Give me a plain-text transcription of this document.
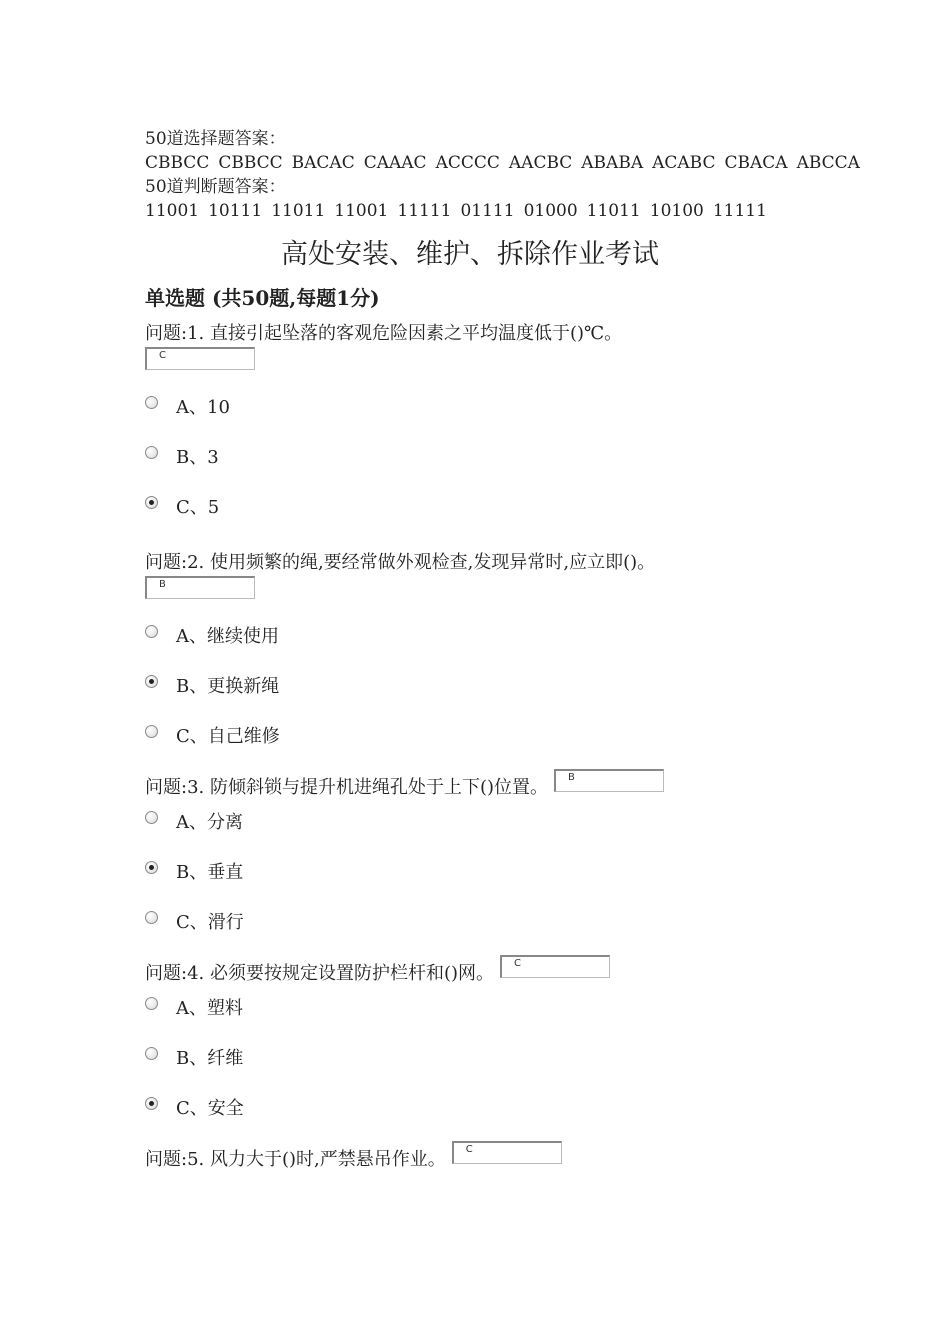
50道选择题答案：
CBBCC CBBCC BACAC CAAAC ACCCC AACBC ABABA ACABC CBACA ABCCA
50道判断题答案：
11001 10111 11011 11001 11111 01111 01000 11011 10100 11111
高处安装、维护、拆除作业考试
单选题 (共50题,每题1分)
问题:1. 直接引起坠落的客观危险因素之平均温度低于()℃。
C
A、10
B、3
C、5
问题:2. 使用频繁的绳,要经常做外观检查,发现异常时,应立即()。
B
A、继续使用
B、更换新绳
C、自己维修
问题:3. 防倾斜锁与提升机进绳孔处于上下()位置。 B
A、分离
B、垂直
C、滑行
问题:4. 必须要按规定设置防护栏杆和()网。 C
A、塑料
B、纤维
C、安全
问题:5. 风力大于()时,严禁悬吊作业。 C
